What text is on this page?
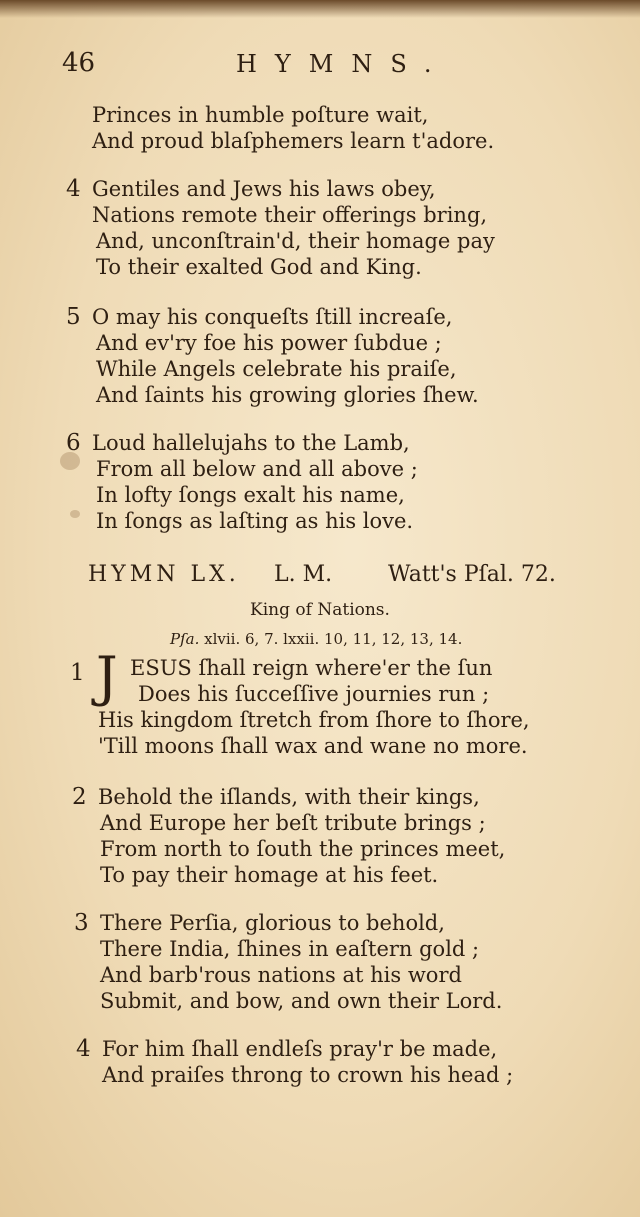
46	HYMNS.
Princes in humble poſture wait,
And proud blaſphemers learn t'adore.
4 Gentiles and Jews his laws obey,
Nations remote their offerings bring,
And, unconſtrain'd, their homage pay
To their exalted God and King.
5 O may his conqueſts ſtill increaſe,
And ev'ry foe his power ſubdue ;
While Angels celebrate his praiſe,
And ſaints his growing glories ſhew.
6 Loud hallelujahs to the Lamb,
From all below and all above ;
In lofty ſongs exalt his name,
In ſongs as laſting as his love.
HYMN LX. L. M.	Watt's Pſal. 72.
King of Nations.
Pſa. xlvii. 6, 7. lxxii. 10, 11, 12, 13, 14.
1 J ESUS ſhall reign where'er the ſun
Does his ſucceſſive journies run ;
His kingdom ſtretch from ſhore to ſhore,
'Till moons ſhall wax and wane no more.
2 Behold the iſlands, with their kings,
And Europe her beſt tribute brings ;
From north to ſouth the princes meet,
To pay their homage at his feet.
3 There Perſia, glorious to behold,
There India, ſhines in eaſtern gold ;
And barb'rous nations at his word
Submit, and bow, and own their Lord.
4 For him ſhall endleſs pray'r be made,
And praiſes throng to crown his head ;
